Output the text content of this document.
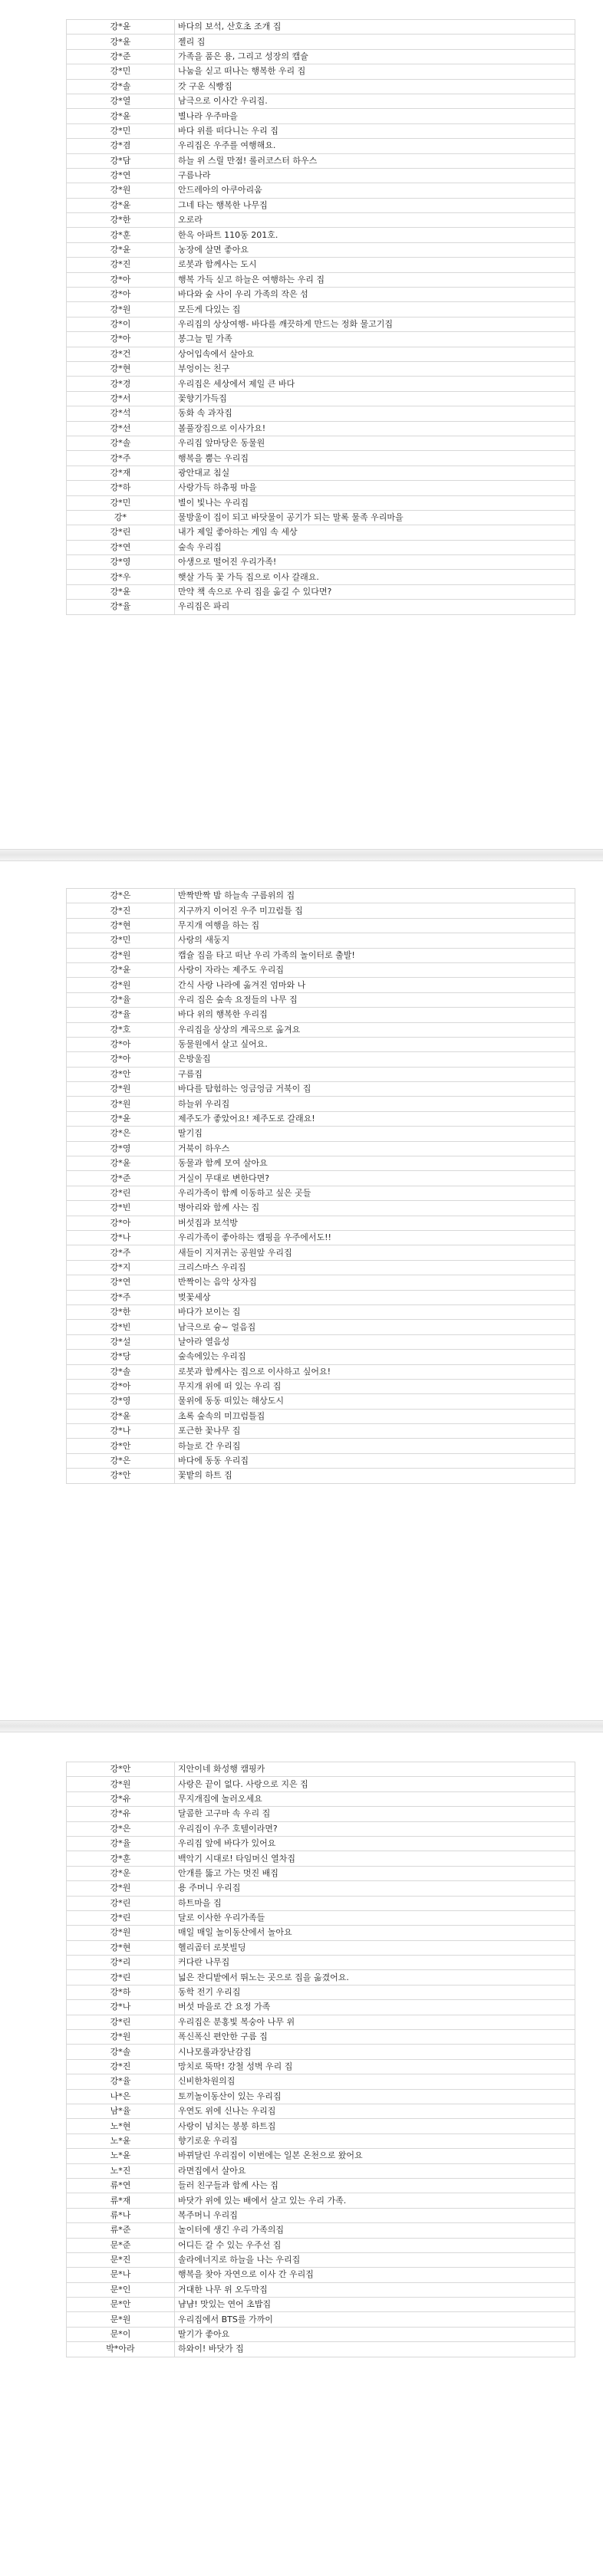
강*윤	바다의 보석, 산호초 조개 집
강*윤	젤리 집
강*준	가족을 품은 용, 그리고 성장의 캡슐
강*민	나눔을 싣고 떠나는 행복한 우리 집
강*솔	갓 구운 식빵집
강*열	남극으로 이사간 우리집.
강*윤	별나라 우주마을
강*민	바다 위를 떠다니는 우리 집
강*겸	우리집은 우주를 여행해요.
강*담	하늘 위 스릴 만점! 롤러코스터 하우스
강*연	구름나라
강*원	안드레아의 아쿠아리움
강*윤	그네 타는 행복한 나무집
강*한	오로라
강*훈	한옥 아파트 110동 201호.
강*윤	농장에 살면 좋아요
강*진	로봇과 함께사는 도시
강*아	행복 가득 싣고 하늘은 여행하는 우리 집
강*아	바다와 숲 사이 우리 가족의 작은 섬
강*원	모든게 다있는 집
강*이	우리집의 상상여행- 바다를 깨끗하게 만드는 정화 물고기집
강*아	봉그늘 밑 가족
강*건	상어입속에서 살아요
강*현	부엉이는 친구
강*경	우리집은 세상에서 제일 큰 바다
강*서	꽃향기가득집
강*석	동화 속 과자집
강*선	볼풀장집으로 이사가요!
강*솔	우리집 앞마당은 동물원
강*주	행복을 뿜는 우리집
강*재	광안대교 침실
강*하	사랑가득 하츄핑 마을
강*민	별이 빛나는 우리집
강*	물방울이 집이 되고 바닷물이 공기가 되는 말록 물족 우리마을
강*린	내가 제일 좋아하는 게임 속 세상
강*연	숲속 우리집
강*영	아생으로 떨어진 우리가족!
강*우	햇살 가득 꽃 가득 집으로 이사 갈래요.
강*윤	만약 책 속으로 우리 집을 옮길 수 있다면?
강*율	우리집은 파리
강*은	반짝반짝 밤 하늘속 구름위의 집
강*진	지구까지 이어진 우주 미끄럼틀 집
강*현	무지개 여행을 하는 집
강*민	사랑의 새둥지
강*원	캡슐 집을 타고 떠난 우리 가족의 놀이터로 출발!
강*윤	사랑이 자라는 제주도 우리집
강*원	간식 사랑 나라에 옮겨진 엄마와 나
강*율	우리 집은 숲속 요정들의 나무 집
강*율	바다 위의 행복한 우리집
강*호	우리집을 상상의 계곡으로 옮겨요
강*아	동물원에서 살고 싶어요.
강*아	은방울집
강*안	구름집
강*원	바다를 탐험하는 엉금엉금 거북이 집
강*원	하늘위 우리집
강*윤	제주도가 좋았어요! 제주도로 갈래요!
강*은	딸기집
강*영	거북이 하우스
강*윤	동물과 함께 모여 살아요
강*준	거실이 무대로 변한다면?
강*린	우리가족이 함께 이동하고 싶은 곳들
강*빈	병아리와 함께 사는 집
강*아	버섯집과 보석방
강*나	우리가족이 좋아하는 캠핑을 우주에서도!!
강*주	새들이 지저귀는 공원앞 우리집
강*지	크리스마스 우리집
강*연	반짝이는 음악 상자집
강*주	벚꽃세상
강*한	바다가 보이는 집
강*빈	남극으로 슝~ 얼음집
강*설	날아라 열음성
강*당	숲속에있는 우리집
강*솔	로봇과 함께사는 집으로 이사하고 싶어요!
강*아	무지개 위에 떠 있는 우리 집
강*영	물위에 동동 떠있는 해상도시
강*윤	초록 숲속의 미끄럼틀집
강*나	포근한 꽃나무 집
강*안	하늘로 간 우리집
강*은	바다에 동동 우리집
강*안	꽃밭의 하트 집
강*안	지안이네 화성행 캠핑카
강*원	사랑은 끝이 없다. 사랑으로 지은 집
강*유	무지개집에 놀러오세요
강*유	달콤한 고구마 속 우리 집
강*은	우리집이 우주 호텔이라면?
강*율	우리집 앞에 바다가 있어요
강*훈	백악기 시대로! 타임머신 열차집
강*운	안개를 뚫고 가는 멋진 배집
강*원	용 주머니 우리집
강*린	하트마을 집
강*린	달로 이사한 우리가족들
강*원	매일 매일 놀이동산에서 놀아요
강*현	헬리곱터 로봇빌딩
강*리	커다란 나무집
강*린	넓은 잔디밭에서 뛰노는 곳으로 집을 옮겼어요.
강*하	동학 전기 우리집
강*나	버섯 마을로 간 요정 가족
강*린	우리집은 분홍빛 복숭아 나무 위
강*원	폭신폭신 편안한 구름 집
강*솔	시나모롤과장난감집
강*진	망치로 뚝딱! 강철 성벽 우리 집
강*율	신비한차원의집
나*은	토끼놀이동산이 있는 우리집
남*율	우연도 위에 신나는 우리집
노*현	사랑이 넘치는 봉봉 하트집
노*윤	향기로운 우리집
노*윤	바뀌달린 우리집이 이번에는 일본 온천으로 왔어요
노*진	라면집에서 살아요
류*연	들러 친구들과 함께 사는 집
류*재	바닷가 위에 있는 배에서 살고 있는 우리 가족.
류*나	복주머니 우리집
류*준	놀이터에 생긴 우리 가족의집
문*준	어디든 갈 수 있는 우주선 집
문*진	솔라에너지로 하늘을 나는 우리집
문*나	행복을 찾아 자연으로 이사 간 우리집
문*인	거대한 나무 위 오두막집
문*안	냠냠! 맛있는 연어 초밥집
문*원	우리집에서 BTS를 가까이
문*이	딸기가 좋아요
박*아라	하와이! 바닷가 집
